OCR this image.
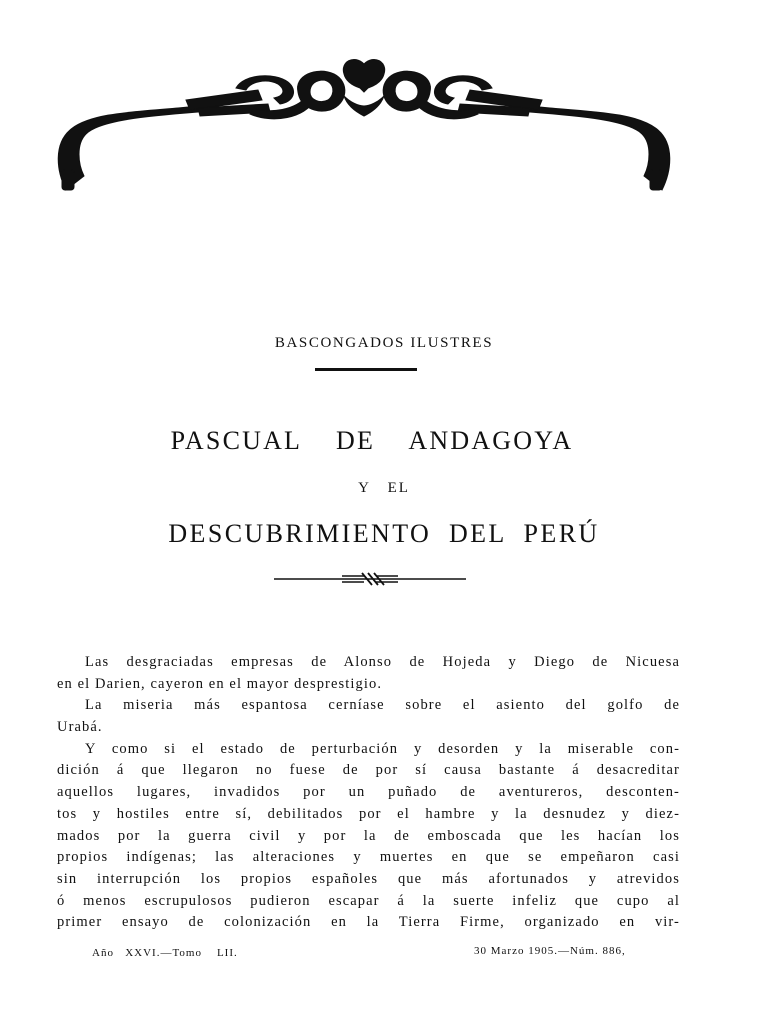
BASCONGADOS ILUSTRES
PASCUAL    DE    ANDAGOYA
Y   EL
DESCUBRIMIENTO  DEL  PERÚ
Las desgraciadas empresas de Alonso de Hojeda y Diego de Nicuesa
en el Darien, cayeron en el mayor desprestigio.
La miseria más espantosa cerníase sobre el asiento del golfo de
Urabá.
Y como si el estado de perturbación y desorden y la miserable con-
dición á que llegaron no fuese de por sí causa bastante á desacreditar
aquellos lugares, invadidos por un puñado de aventureros, desconten-
tos y hostiles entre sí, debilitados por el hambre y la desnudez y diez-
mados por la guerra civil y por la de emboscada que les hacían los
propios indígenas; las alteraciones y muertes en que se empeñaron casi
sin interrupción los propios españoles que más afortunados y atrevidos
ó menos escrupulosos pudieron escapar á la suerte infeliz que cupo al
primer ensayo de colonización en la Tierra Firme, organizado en vir-
Año   XXVI.—Tomo    LII.	30 Marzo 1905.—Núm. 886,
